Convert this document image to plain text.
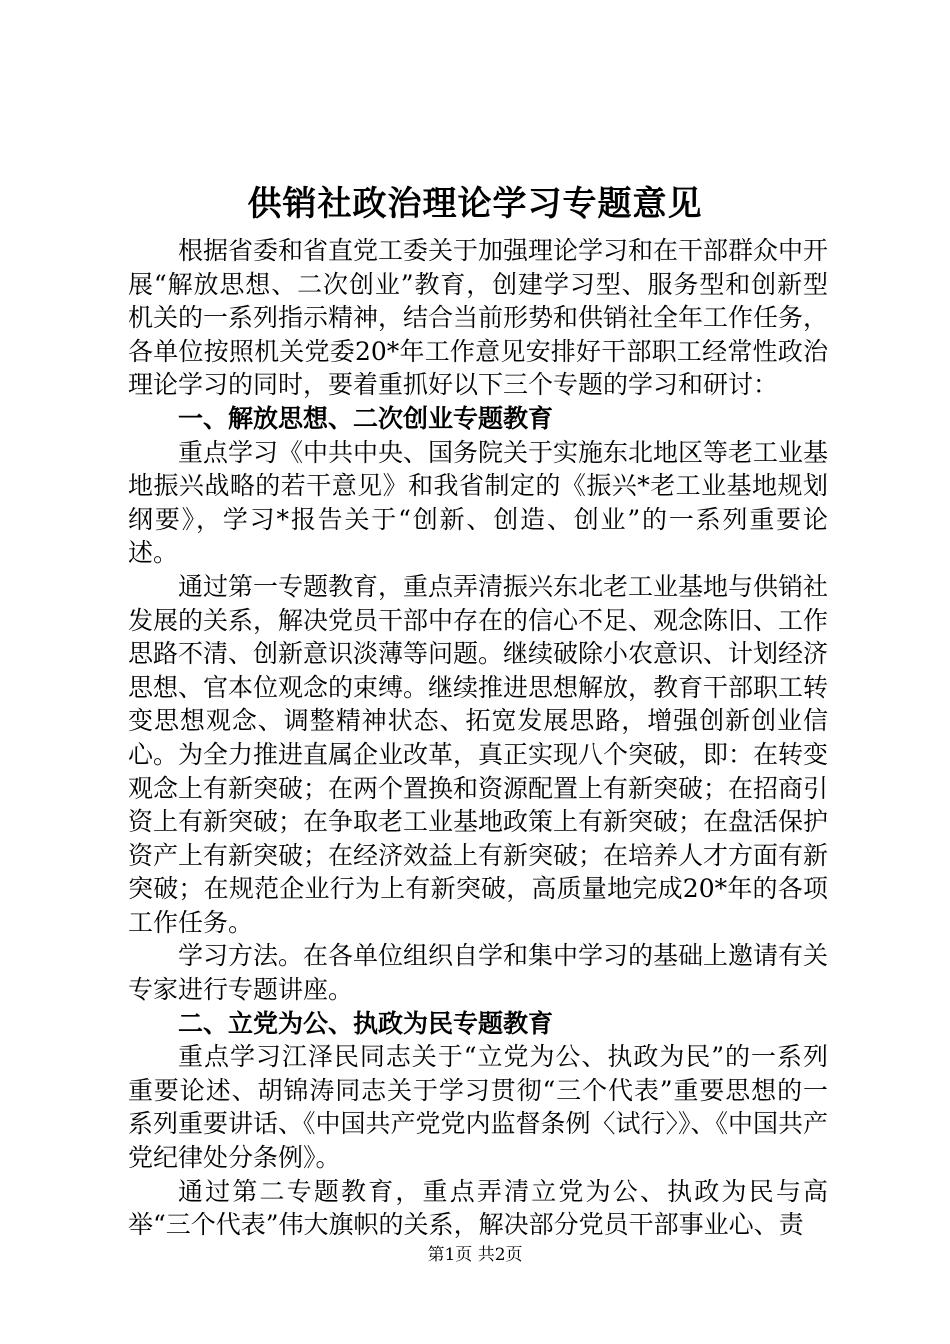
供销社政治理论学习专题意见

根据省委和省直党工委关于加强理论学习和在干部群众中开展“解放思想、二次创业”教育，创建学习型、服务型和创新型机关的一系列指示精神，结合当前形势和供销社全年工作任务，各单位按照机关党委20*年工作意见安排好干部职工经常性政治理论学习的同时，要着重抓好以下三个专题的学习和研讨：

一、解放思想、二次创业专题教育

重点学习《中共中央、国务院关于实施东北地区等老工业基地振兴战略的若干意见》和我省制定的《振兴*老工业基地规划纲要》，学习*报告关于“创新、创造、创业”的一系列重要论述。

通过第一专题教育，重点弄清振兴东北老工业基地与供销社发展的关系，解决党员干部中存在的信心不足、观念陈旧、工作思路不清、创新意识淡薄等问题。继续破除小农意识、计划经济思想、官本位观念的束缚。继续推进思想解放，教育干部职工转变思想观念、调整精神状态、拓宽发展思路，增强创新创业信心。为全力推进直属企业改革，真正实现八个突破，即：在转变观念上有新突破；在两个置换和资源配置上有新突破；在招商引资上有新突破；在争取老工业基地政策上有新突破；在盘活保护资产上有新突破；在经济效益上有新突破；在培养人才方面有新突破；在规范企业行为上有新突破，高质量地完成20*年的各项工作任务。

学习方法。在各单位组织自学和集中学习的基础上邀请有关专家进行专题讲座。

二、立党为公、执政为民专题教育

重点学习江泽民同志关于“立党为公、执政为民”的一系列重要论述、胡锦涛同志关于学习贯彻“三个代表”重要思想的一系列重要讲话、《中国共产党党内监督条例〈试行〉》、《中国共产党纪律处分条例》。

通过第二专题教育，重点弄清立党为公、执政为民与高举“三个代表”伟大旗帜的关系，解决部分党员干部事业心、责

第1页 共2页
